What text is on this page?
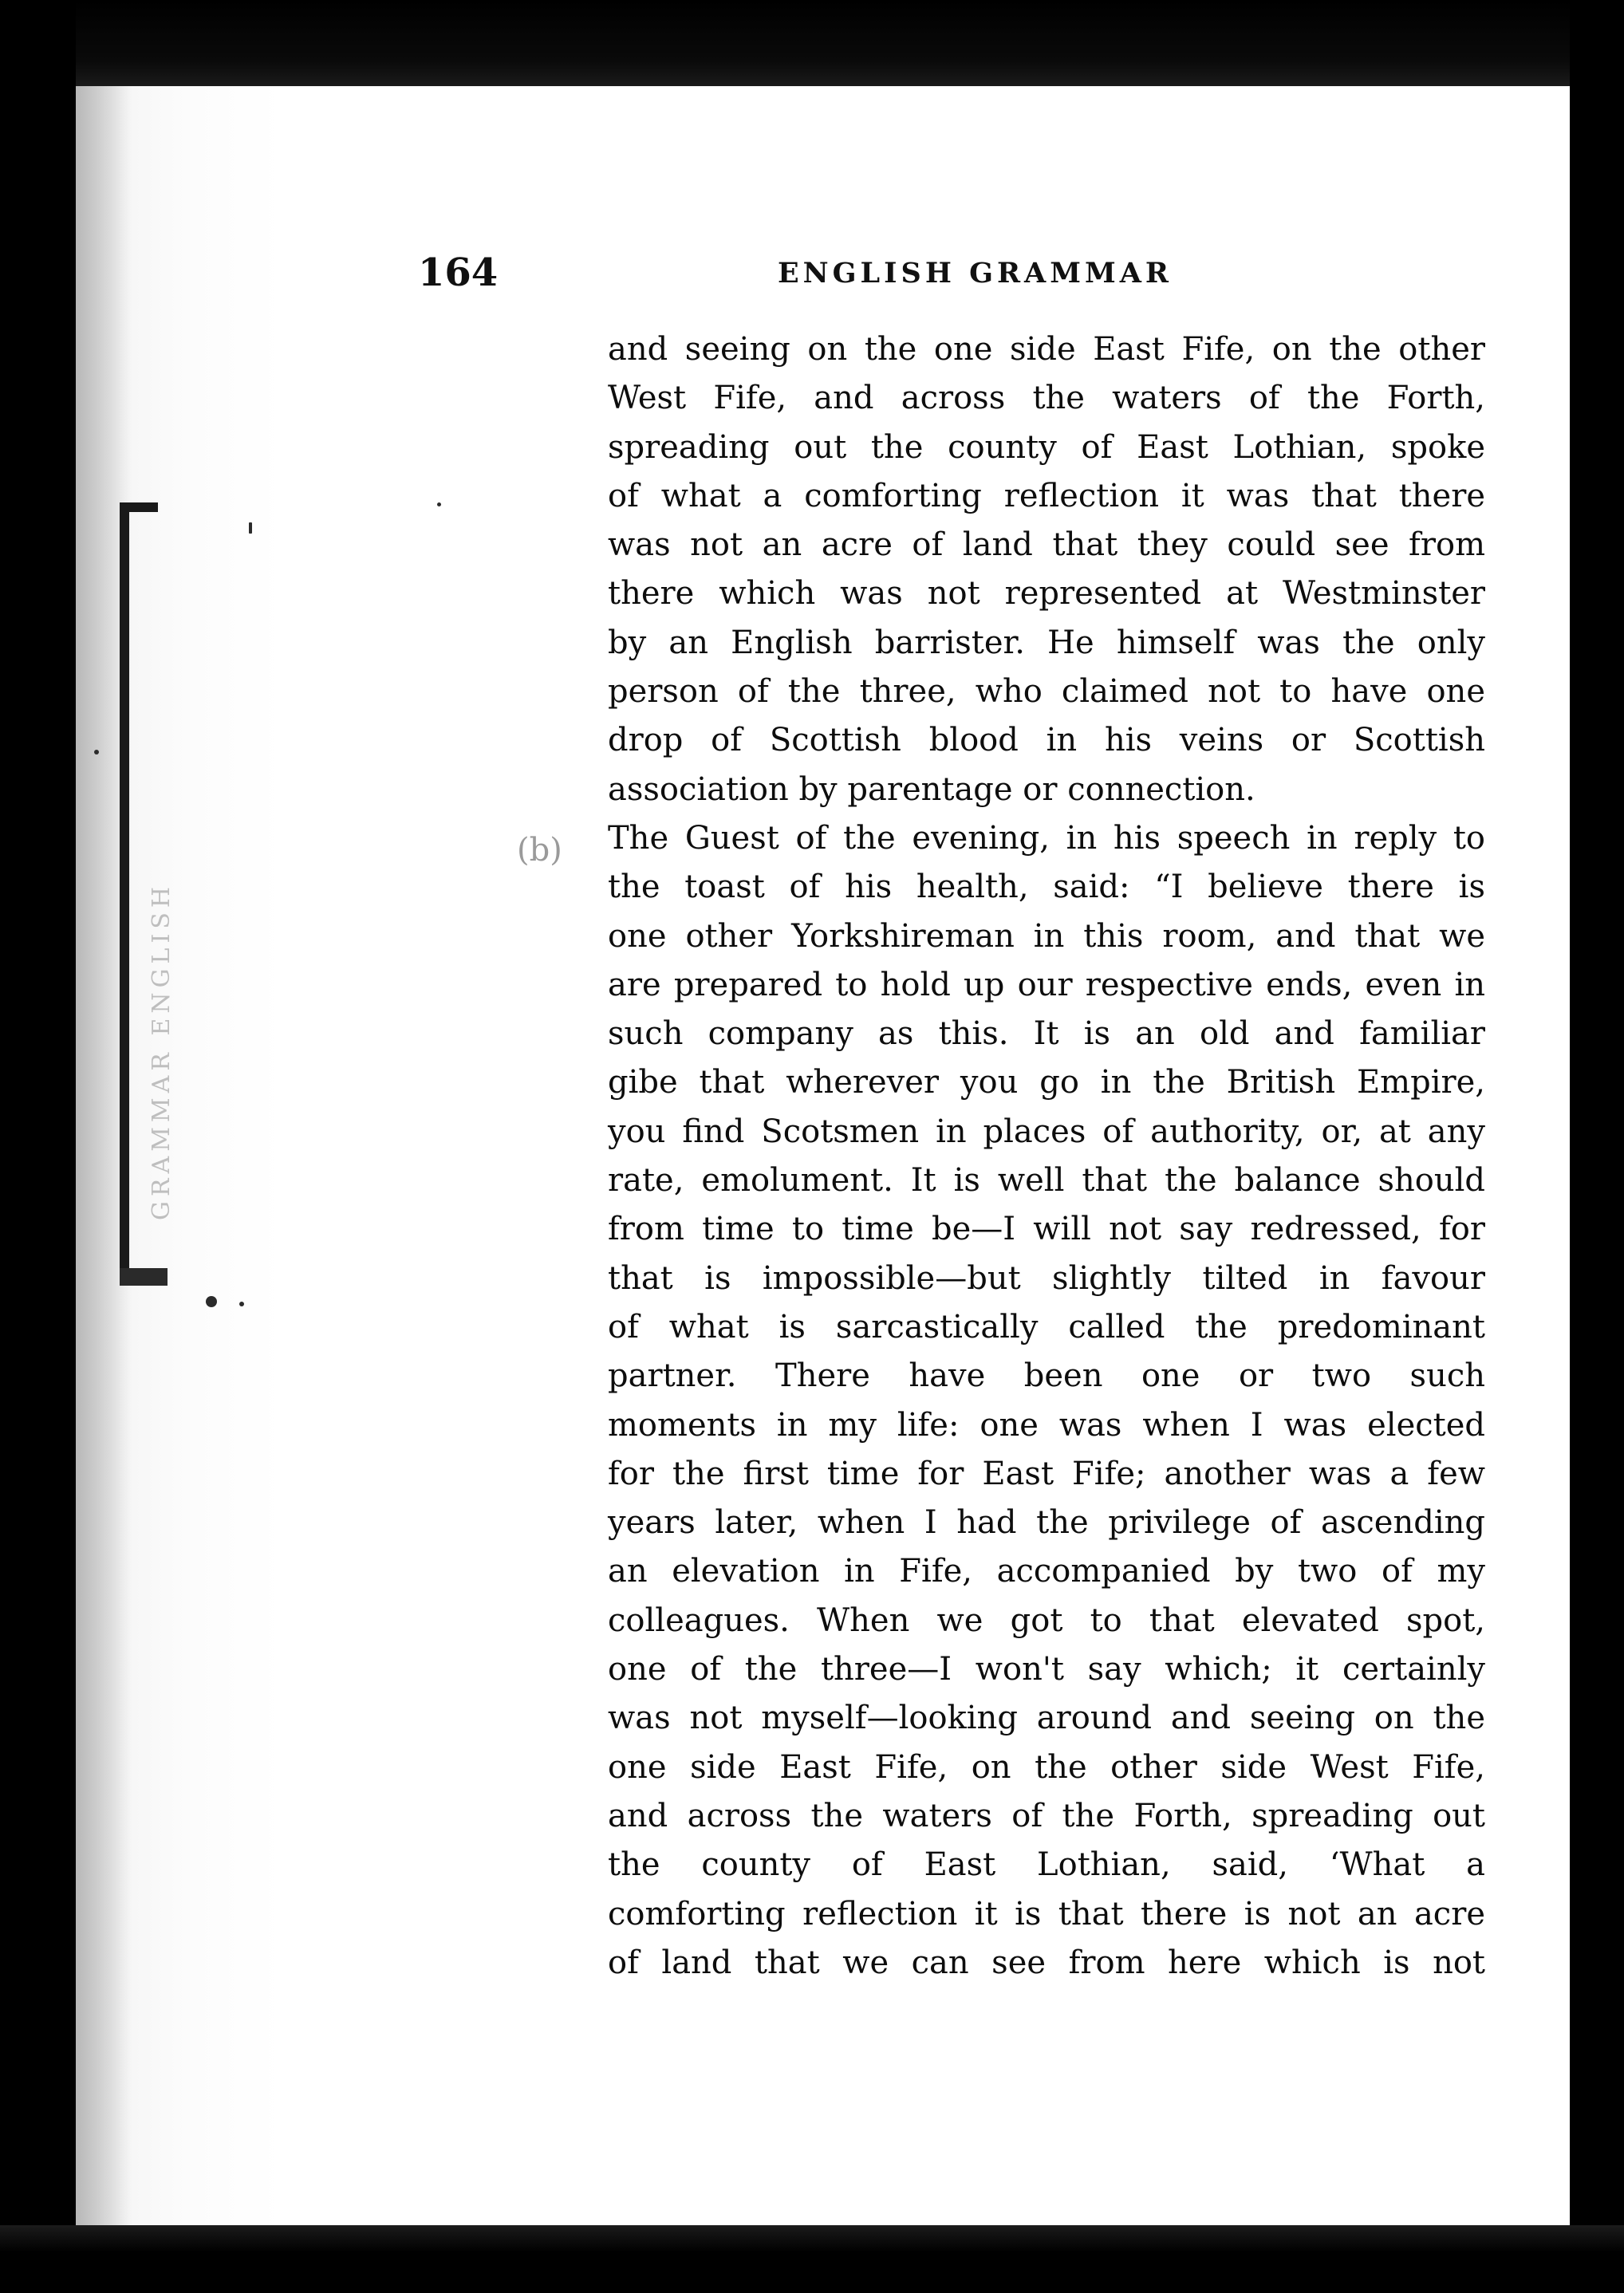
GRAMMAR ENGLISH
164	ENGLISH GRAMMAR
(b)
and seeing on the one side East Fife, on the other
West Fife, and across the waters of the Forth,
spreading out the county of East Lothian, spoke
of what a comforting reflection it was that there
was not an acre of land that they could see from
there which was not represented at Westminster
by an English barrister. He himself was the only
person of the three, who claimed not to have one
drop of Scottish blood in his veins or Scottish
association by parentage or connection.
The Guest of the evening, in his speech in reply to
the toast of his health, said: “I believe there is
one other Yorkshireman in this room, and that we
are prepared to hold up our respective ends, even in
such company as this. It is an old and familiar
gibe that wherever you go in the British Empire,
you find Scotsmen in places of authority, or, at any
rate, emolument. It is well that the balance should
from time to time be—I will not say redressed, for
that is impossible—but slightly tilted in favour
of what is sarcastically called the predominant
partner. There have been one or two such
moments in my life: one was when I was elected
for the first time for East Fife; another was a few
years later, when I had the privilege of ascending
an elevation in Fife, accompanied by two of my
colleagues. When we got to that elevated spot,
one of the three—I won't say which; it certainly
was not myself—looking around and seeing on the
one side East Fife, on the other side West Fife,
and across the waters of the Forth, spreading out
the county of East Lothian, said, ‘What a
comforting reflection it is that there is not an acre
of land that we can see from here which is not
